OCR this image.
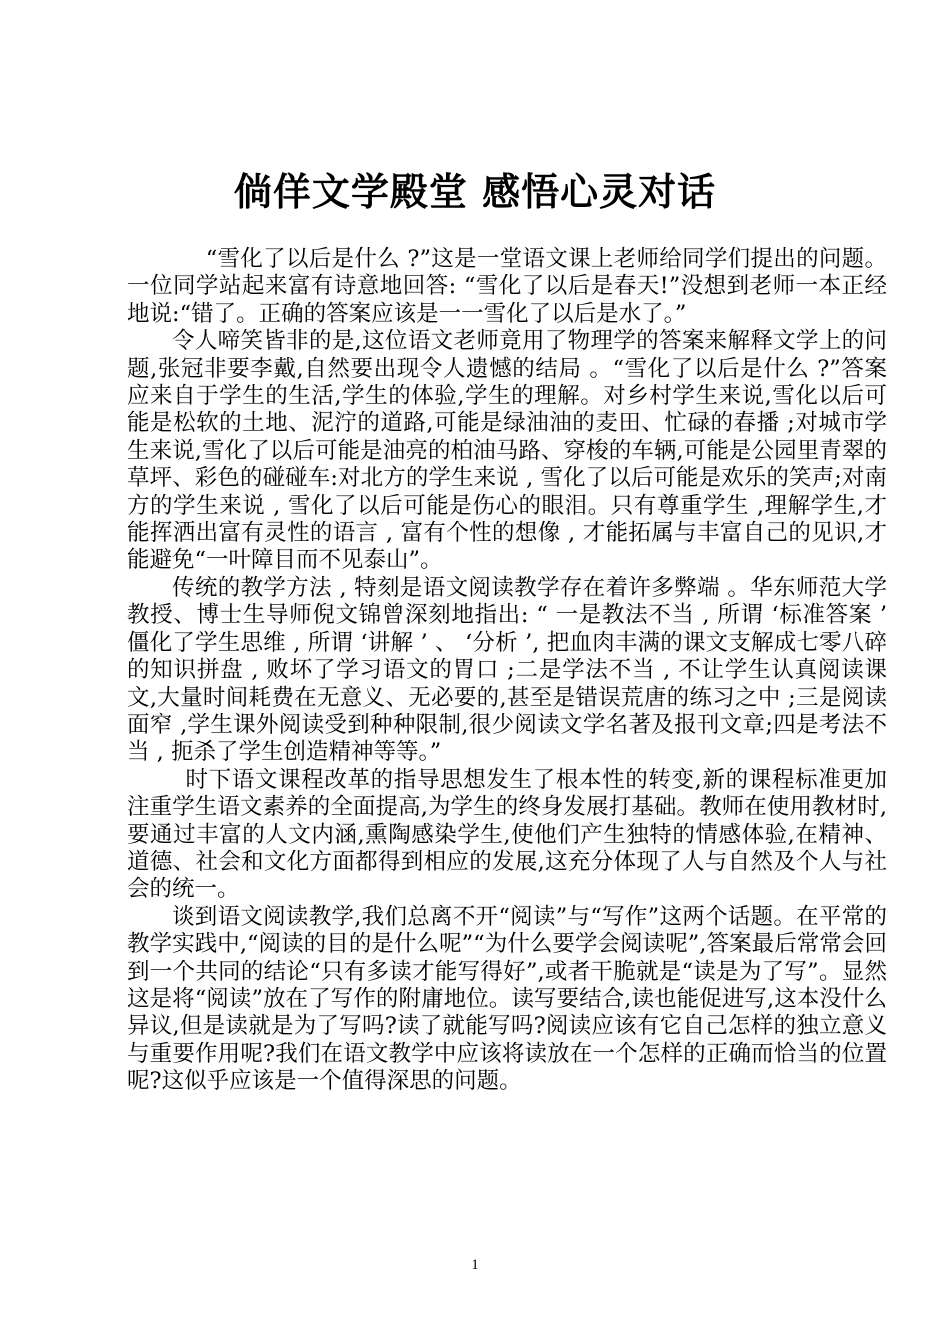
倘佯文学殿堂 感悟心灵对话

“雪化了以后是什么 ?”这是一堂语文课上老师给同学们提出的问题。一位同学站起来富有诗意地回答: “雪化了以后是春天!”没想到老师一本正经地说:“错了。正确的答案应该是一一雪化了以后是水了。”

令人啼笑皆非的是,这位语文老师竟用了物理学的答案来解释文学上的问题,张冠非要李戴,自然要出现令人遗憾的结局 。“雪化了以后是什么 ?”答案应来自于学生的生活,学生的体验,学生的理解。对乡村学生来说,雪化以后可能是松软的土地、泥泞的道路,可能是绿油油的麦田、忙碌的春播 ;对城市学生来说,雪化了以后可能是油亮的柏油马路、穿梭的车辆,可能是公园里青翠的草坪、彩色的碰碰车:对北方的学生来说 , 雪化了以后可能是欢乐的笑声;对南方的学生来说 , 雪化了以后可能是伤心的眼泪。只有尊重学生 ,理解学生,才能挥洒出富有灵性的语言 , 富有个性的想像 , 才能拓属与丰富自己的见识,才能避免“一叶障目而不见泰山”。

传统的教学方法 , 特刻是语文阅读教学存在着许多弊端 。华东师范大学教授、博士生导师倪文锦曾深刻地指出: “ 一是教法不当 , 所谓 ‘标准答案 ’ 僵化了学生思维 , 所谓 ‘讲解 ’ 、 ‘分析 ’, 把血肉丰满的课文支解成七零八碎的知识拼盘 , 败坏了学习语文的胃口 ;二是学法不当 , 不让学生认真阅读课文,大量时间耗费在无意义、无必要的,甚至是错误荒唐的练习之中 ;三是阅读面窄 ,学生课外阅读受到种种限制,很少阅读文学名著及报刊文章;四是考法不当 , 扼杀了学生创造精神等等。”

时下语文课程改革的指导思想发生了根本性的转变,新的课程标准更加注重学生语文素养的全面提高,为学生的终身发展打基础。教师在使用教材时,要通过丰富的人文内涵,熏陶感染学生,使他们产生独特的情感体验,在精神、道德、社会和文化方面都得到相应的发展,这充分体现了人与自然及个人与社会的统一。

谈到语文阅读教学,我们总离不开“阅读”与“写作”这两个话题。在平常的教学实践中,“阅读的目的是什么呢”“为什么要学会阅读呢”,答案最后常常会回到一个共同的结论“只有多读才能写得好”,或者干脆就是“读是为了写”。显然这是将“阅读”放在了写作的附庸地位。读写要结合,读也能促进写,这本没什么异议,但是读就是为了写吗?读了就能写吗?阅读应该有它自己怎样的独立意义与重要作用呢?我们在语文教学中应该将读放在一个怎样的正确而恰当的位置呢?这似乎应该是一个值得深思的问题。

1
